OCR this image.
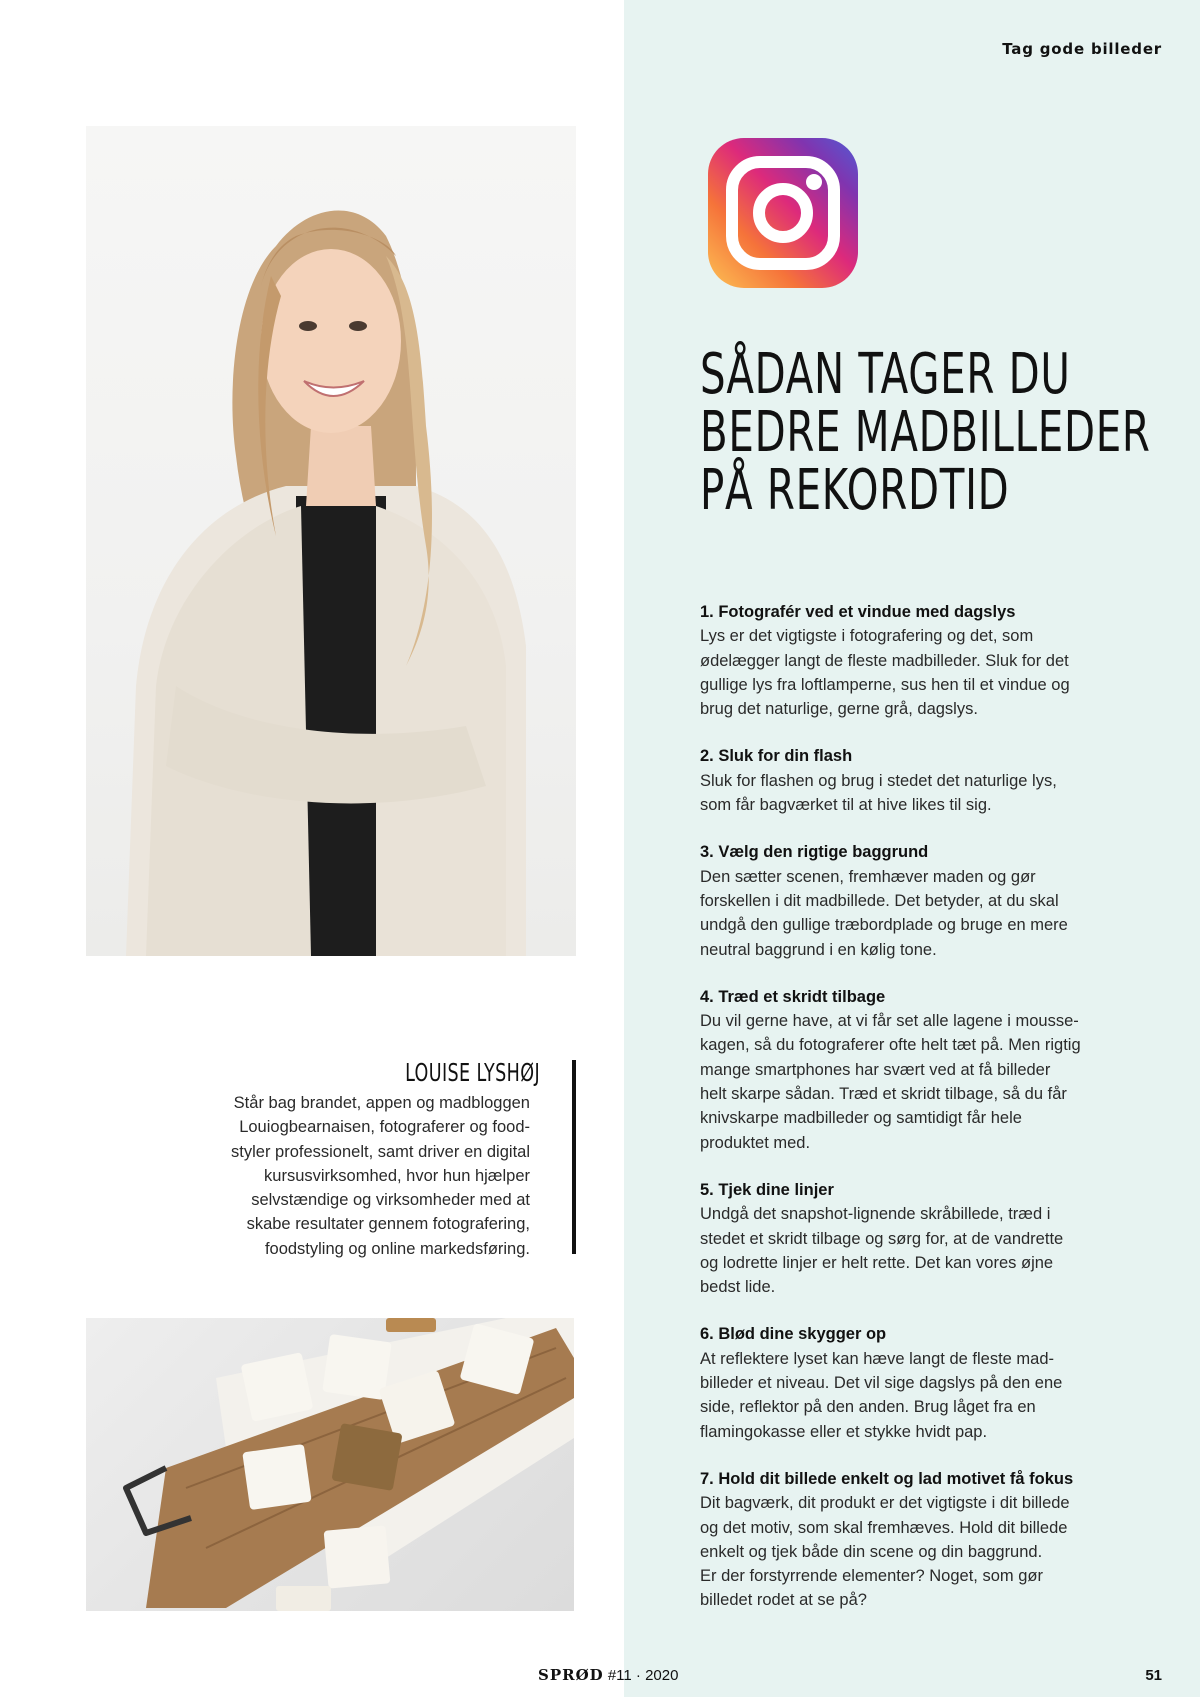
Tag gode billeder
LOUISE LYSHØJ
Står bag brandet, appen og madbloggen
Louiogbearnaisen, fotograferer og food-
styler professionelt, samt driver en digital
kursusvirksomhed, hvor hun hjælper
selvstændige og virksomheder med at
skabe resultater gennem fotografering,
foodstyling og online markedsføring.
SÅDAN TAGER DU
BEDRE MADBILLEDER
PÅ REKORDTID
1. Fotografér ved et vindue med dagslys
Lys er det vigtigste i fotografering og det, som
ødelægger langt de fleste madbilleder. Sluk for det
gullige lys fra loftlamperne, sus hen til et vindue og
brug det naturlige, gerne grå, dagslys.
2. Sluk for din flash
Sluk for flashen og brug i stedet det naturlige lys,
som får bagværket til at hive likes til sig.
3. Vælg den rigtige baggrund
Den sætter scenen, fremhæver maden og gør
forskellen i dit madbillede. Det betyder, at du skal
undgå den gullige træbordplade og bruge en mere
neutral baggrund i en kølig tone.
4. Træd et skridt tilbage
Du vil gerne have, at vi får set alle lagene i mousse-
kagen, så du fotograferer ofte helt tæt på. Men rigtig
mange smartphones har svært ved at få billeder
helt skarpe sådan. Træd et skridt tilbage, så du får
knivskarpe madbilleder og samtidigt får hele
produktet med.
5. Tjek dine linjer
Undgå det snapshot-lignende skråbillede, træd i
stedet et skridt tilbage og sørg for, at de vandrette
og lodrette linjer er helt rette. Det kan vores øjne
bedst lide.
6. Blød dine skygger op
At reflektere lyset kan hæve langt de fleste mad-
billeder et niveau. Det vil sige dagslys på den ene
side, reflektor på den anden. Brug låget fra en
flamingokasse eller et stykke hvidt pap.
7. Hold dit billede enkelt og lad motivet få fokus
Dit bagværk, dit produkt er det vigtigste i dit billede
og det motiv, som skal fremhæves. Hold dit billede
enkelt og tjek både din scene og din baggrund.
Er der forstyrrende elementer? Noget, som gør
billedet rodet at se på?
SPRØD #11 · 2020	51
